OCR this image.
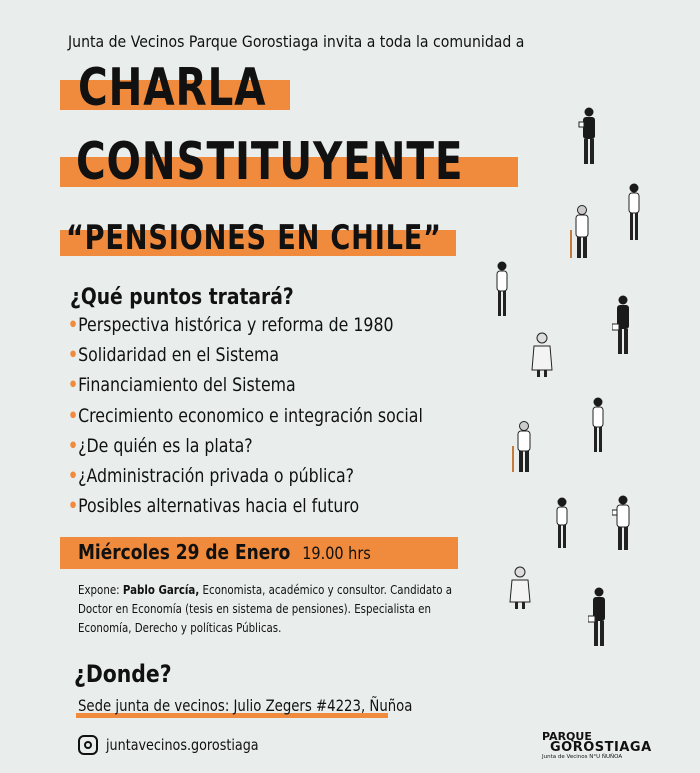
Junta de Vecinos Parque Gorostiaga invita a toda la comunidad a
CHARLA
CONSTITUYENTE
“PENSIONES EN CHILE”
¿Qué puntos tratará?
•Perspectiva histórica y reforma de 1980
•Solidaridad en el Sistema
•Financiamiento del Sistema
•Crecimiento economico e integración social
•¿De quién es la plata?
•¿Administración privada o pública?
•Posibles alternativas hacia el futuro
Miércoles 29 de Enero 19.00 hrs
Expone: Pablo García, Economista, académico y consultor. Candidato a Doctor en Economía (tesis en sistema de pensiones). Especialista en Economía, Derecho y políticas Públicas.
¿Donde?
Sede junta de vecinos: Julio Zegers #4223, Ñuñoa
juntavecinos.gorostiaga	PARQUE
GOROSTIAGA
Junta de Vecinos N°U ÑUÑOA
